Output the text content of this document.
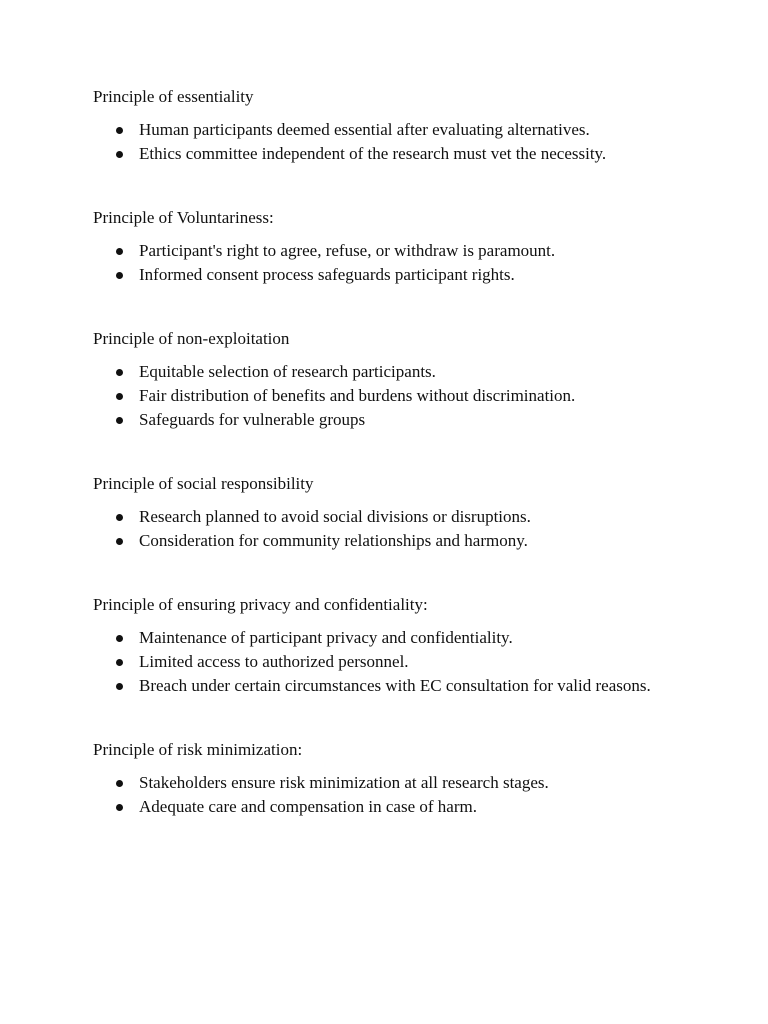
Principle of essentiality

Human participants deemed essential after evaluating alternatives.
Ethics committee independent of the research must vet the necessity.

Principle of Voluntariness:

Participant's right to agree, refuse, or withdraw is paramount.
Informed consent process safeguards participant rights.

Principle of non-exploitation

Equitable selection of research participants.
Fair distribution of benefits and burdens without discrimination.
Safeguards for vulnerable groups

Principle of social responsibility

Research planned to avoid social divisions or disruptions.
Consideration for community relationships and harmony.

Principle of ensuring privacy and confidentiality:

Maintenance of participant privacy and confidentiality.
Limited access to authorized personnel.
Breach under certain circumstances with EC consultation for valid reasons.

Principle of risk minimization:

Stakeholders ensure risk minimization at all research stages.
Adequate care and compensation in case of harm.
